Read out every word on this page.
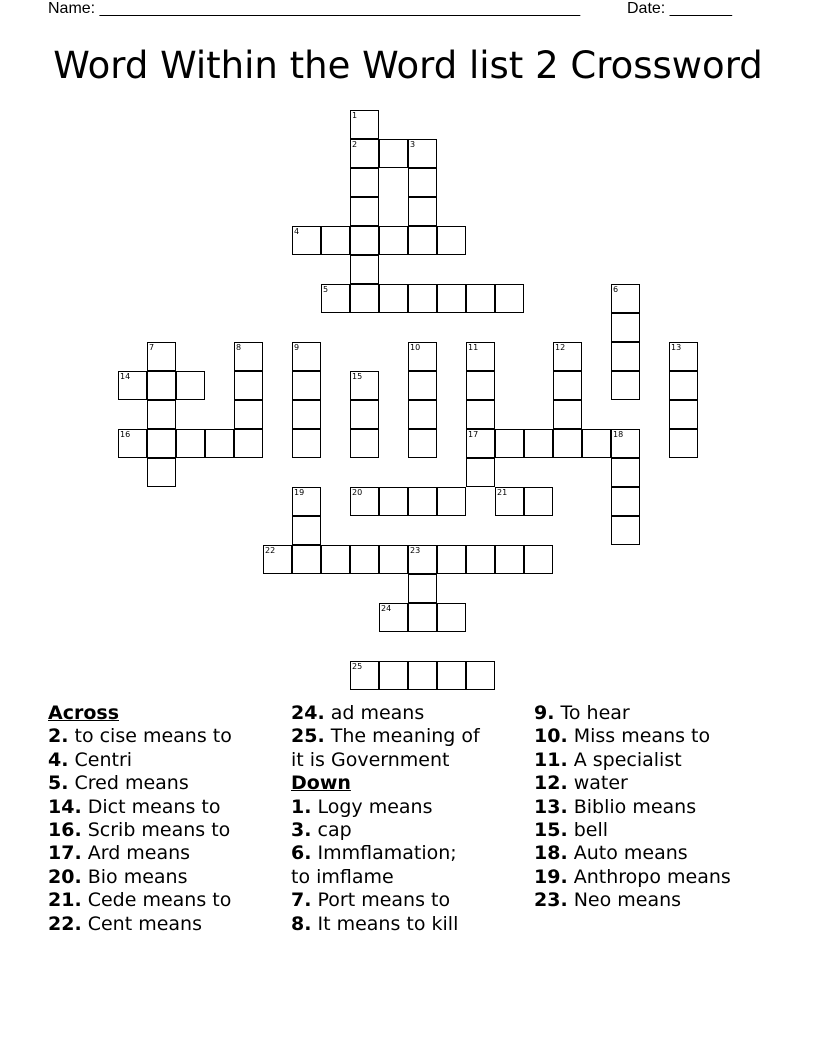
Name: ______________________________________________________	Date: _______
Word Within the Word list 2 Crossword
1
2	3
4
5	6
7	8	9	10	11	12	13
14	15
16	17	18
19	20	21
22	23
24
25
Across
2. to cise means to
4. Centri
5. Cred means
14. Dict means to
16. Scrib means to
17. Ard means
20. Bio means
21. Cede means to
22. Cent means
24. ad means
25. The meaning of
it is Government
Down
1. Logy means
3. cap
6. Immflamation;
to imflame
7. Port means to
8. It means to kill
9. To hear
10. Miss means to
11. A specialist
12. water
13. Biblio means
15. bell
18. Auto means
19. Anthropo means
23. Neo means
